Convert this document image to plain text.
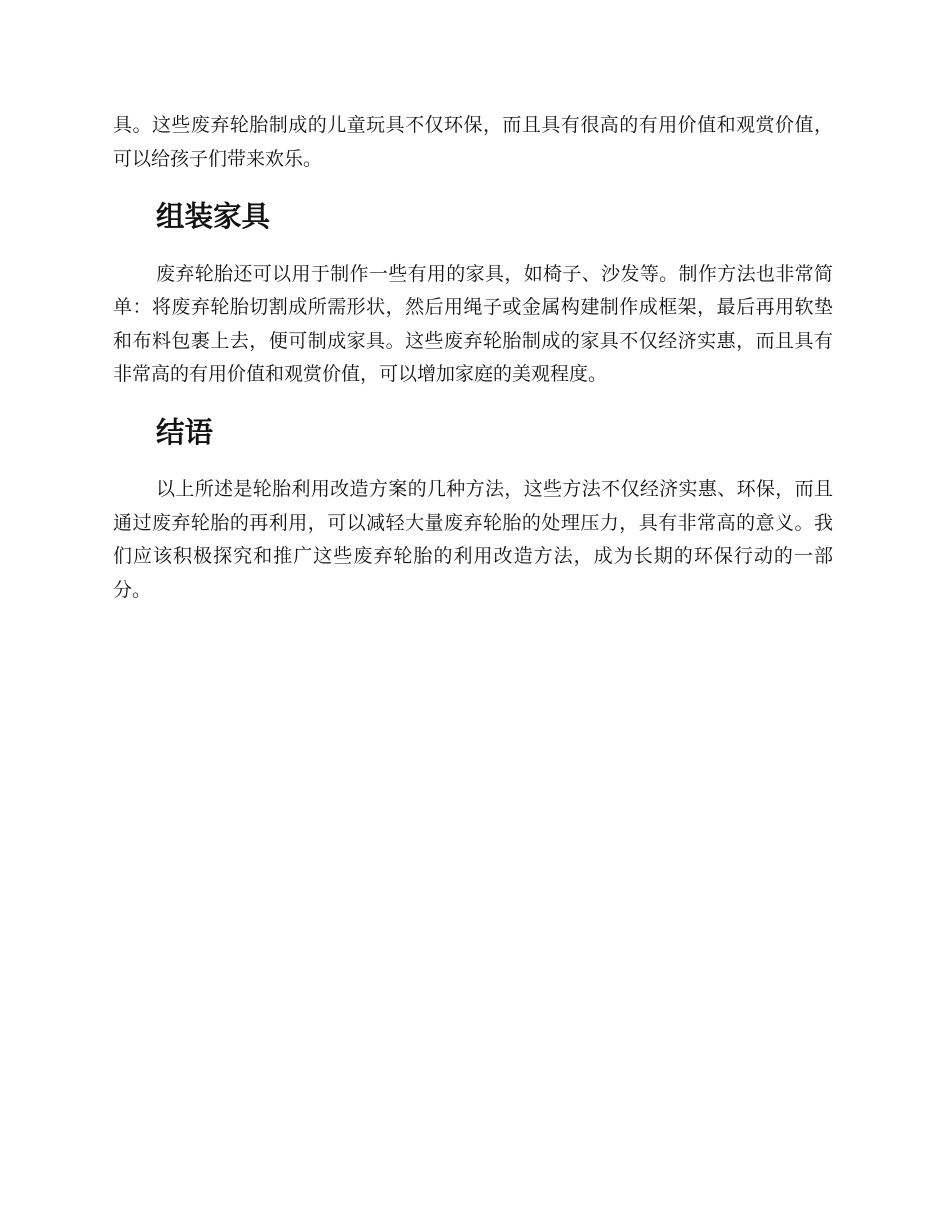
具。这些废弃轮胎制成的儿童玩具不仅环保，而且具有很高的有用价值和观赏价值，可以给孩子们带来欢乐。

组装家具

废弃轮胎还可以用于制作一些有用的家具，如椅子、沙发等。制作方法也非常简单：将废弃轮胎切割成所需形状，然后用绳子或金属构建制作成框架，最后再用软垫和布料包裹上去，便可制成家具。这些废弃轮胎制成的家具不仅经济实惠，而且具有非常高的有用价值和观赏价值，可以增加家庭的美观程度。

结语

以上所述是轮胎利用改造方案的几种方法，这些方法不仅经济实惠、环保，而且通过废弃轮胎的再利用，可以减轻大量废弃轮胎的处理压力，具有非常高的意义。我们应该积极探究和推广这些废弃轮胎的利用改造方法，成为长期的环保行动的一部分。
